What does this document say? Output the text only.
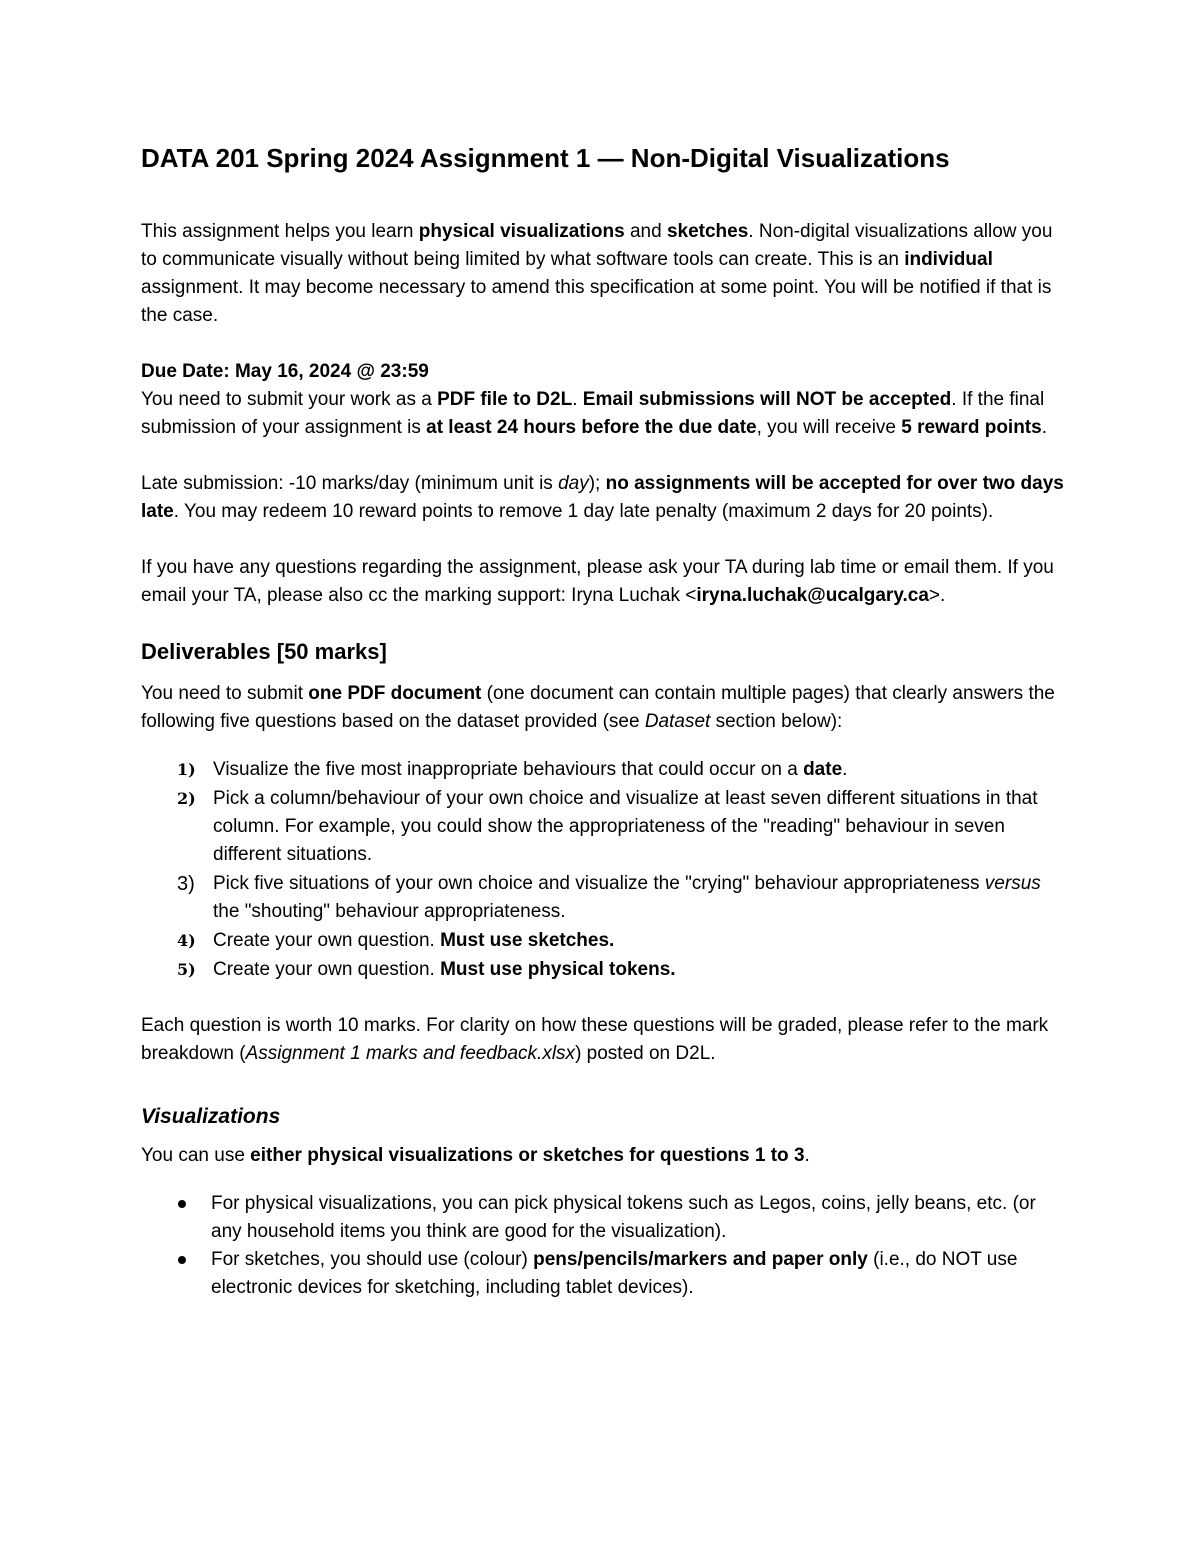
DATA 201 Spring 2024 Assignment 1 — Non-Digital Visualizations

This assignment helps you learn physical visualizations and sketches. Non-digital visualizations allow you to communicate visually without being limited by what software tools can create. This is an individual assignment. It may become necessary to amend this specification at some point. You will be notified if that is the case.

Due Date: May 16, 2024 @ 23:59

You need to submit your work as a PDF file to D2L. Email submissions will NOT be accepted. If the final submission of your assignment is at least 24 hours before the due date, you will receive 5 reward points.

Late submission: -10 marks/day (minimum unit is day); no assignments will be accepted for over two days late. You may redeem 10 reward points to remove 1 day late penalty (maximum 2 days for 20 points).

If you have any questions regarding the assignment, please ask your TA during lab time or email them. If you email your TA, please also cc the marking support: Iryna Luchak <iryna.luchak@ucalgary.ca>.

Deliverables [50 marks]

You need to submit one PDF document (one document can contain multiple pages) that clearly answers the following five questions based on the dataset provided (see Dataset section below):

1) Visualize the five most inappropriate behaviours that could occur on a date.
2) Pick a column/behaviour of your own choice and visualize at least seven different situations in that column. For example, you could show the appropriateness of the "reading" behaviour in seven different situations.
3) Pick five situations of your own choice and visualize the "crying" behaviour appropriateness versus the "shouting" behaviour appropriateness.
4) Create your own question. Must use sketches.
5) Create your own question. Must use physical tokens.

Each question is worth 10 marks. For clarity on how these questions will be graded, please refer to the mark breakdown (Assignment 1 marks and feedback.xlsx) posted on D2L.

Visualizations

You can use either physical visualizations or sketches for questions 1 to 3.

For physical visualizations, you can pick physical tokens such as Legos, coins, jelly beans, etc. (or any household items you think are good for the visualization).
For sketches, you should use (colour) pens/pencils/markers and paper only (i.e., do NOT use electronic devices for sketching, including tablet devices).
